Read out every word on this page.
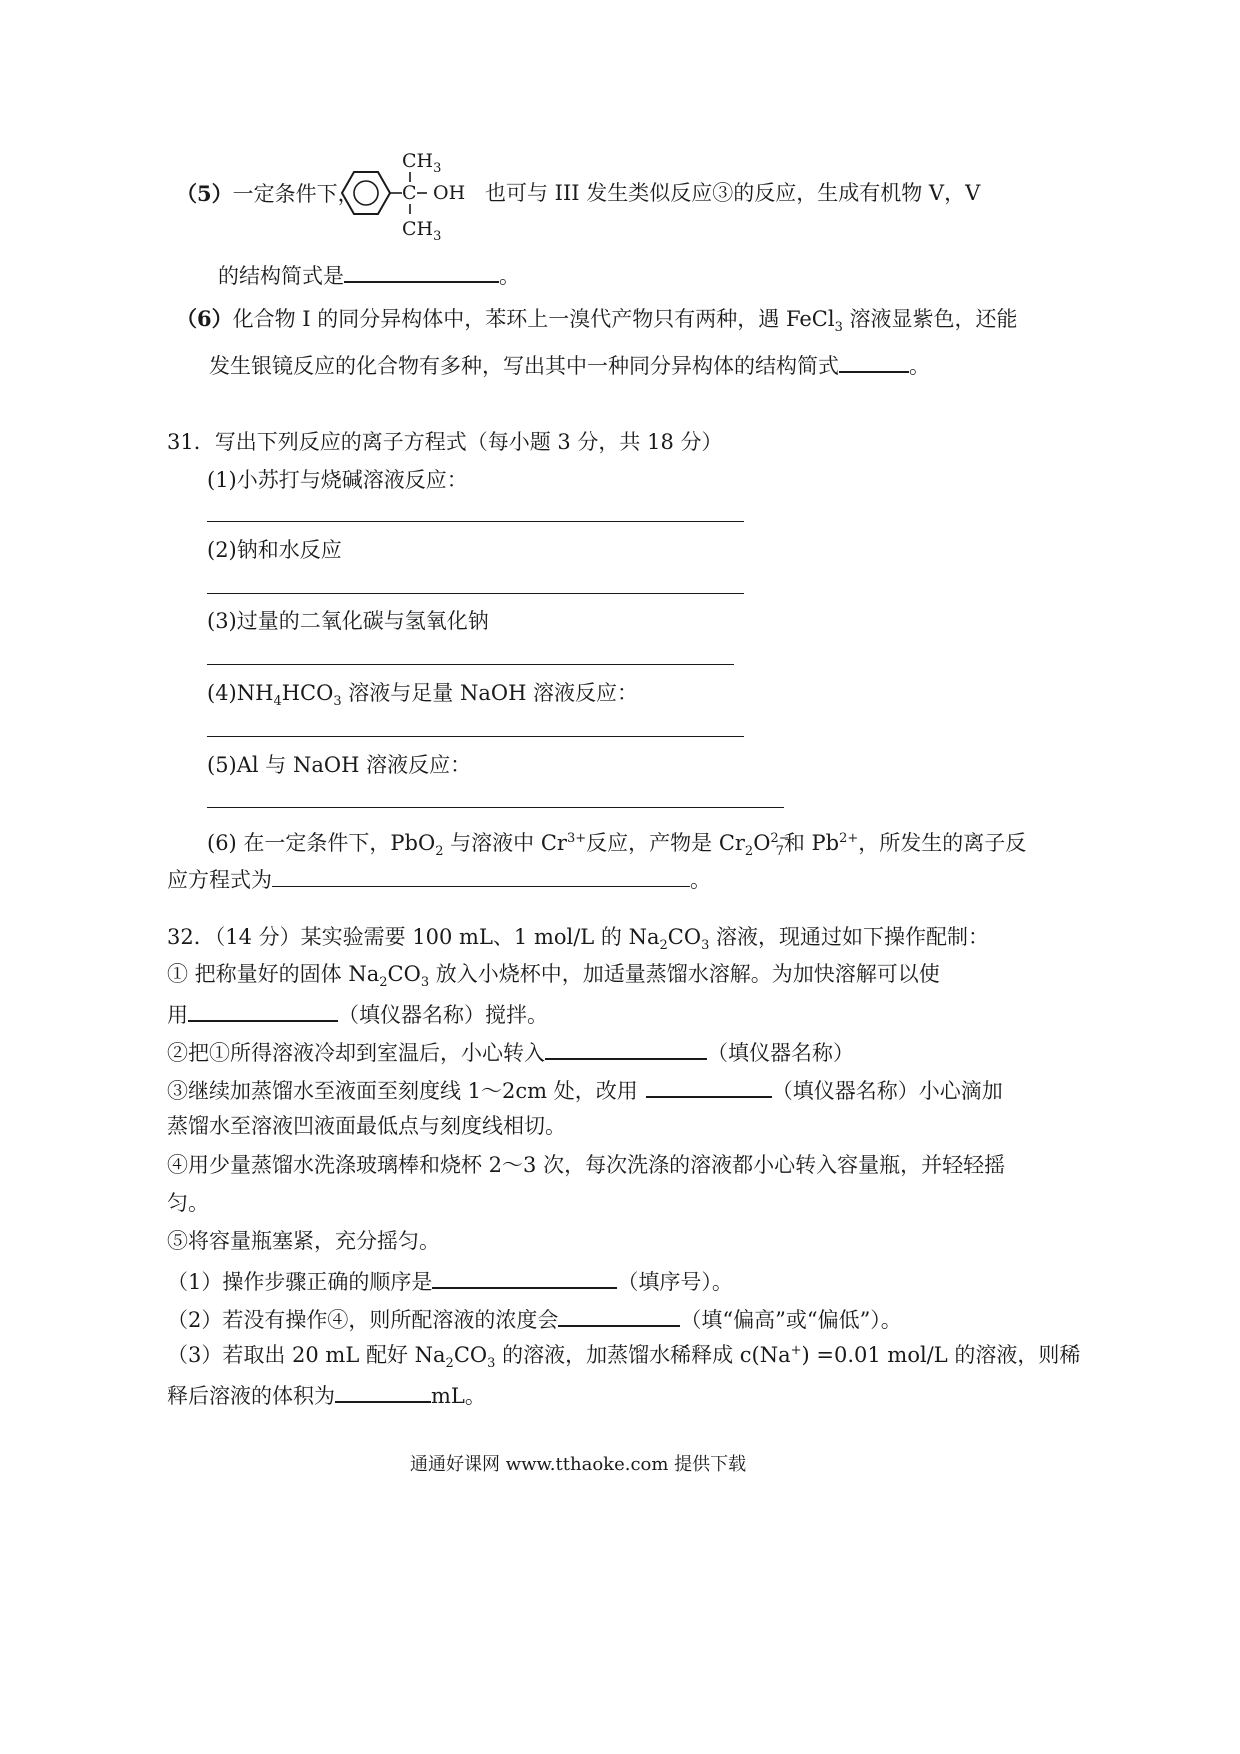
（5）一定条件下，
$CH_3$
C OH
$CH_3$
也可与 III 发生类似反应③的反应，生成有机物 V，V
的结构简式是	。
（6）化合物 I 的同分异构体中，苯环上一溴代产物只有两种，遇 FeCl$_3$ 溶液显紫色，还能
发生银镜反应的化合物有多种，写出其中一种同分异构体的结构简式	。
31．写出下列反应的离子方程式（每小题 3 分，共 18 分）
(1)小苏打与烧碱溶液反应：
(2)钠和水反应
(3)过量的二氧化碳与氢氧化钠
$(4)NH_4HCO_3$ 溶液与足量 NaOH 溶液反应：
(5)Al 与 NaOH 溶液反应：
(6) 在一定条件下，PbO$_2$ 与溶液中 $Cr^{3+}$反应，产物是 $Cr_2O^{2-}_7$和 $Pb^{2+}$，所发生的离子反
应方程式为	。
32．（14 分）某实验需要 100 mL、1 mol/L 的 $Na_2CO_3$ 溶液，现通过如下操作配制：
① 把称量好的固体 $Na_2CO_3$ 放入小烧杯中，加适量蒸馏水溶解。为加快溶解可以使
用	（填仪器名称）搅拌。
②把①所得溶液冷却到室温后，小心转入	（填仪器名称）
③继续加蒸馏水至液面至刻度线 1～2cm 处，改用	（填仪器名称）小心滴加
蒸馏水至溶液凹液面最低点与刻度线相切。
④用少量蒸馏水洗涤玻璃棒和烧杯 2～3 次，每次洗涤的溶液都小心转入容量瓶，并轻轻摇
匀。
⑤将容量瓶塞紧，充分摇匀。
（1）操作步骤正确的顺序是	（填序号）。
（2）若没有操作④，则所配溶液的浓度会	（填“偏高”或“偏低”）。
（3）若取出 20 mL 配好 $Na_2CO_3$ 的溶液，加蒸馏水稀释成 c(Na+) =0.01 mol/L 的溶液，则稀
释后溶液的体积为	mL。
通通好课网 www.tthaoke.com 提供下载
